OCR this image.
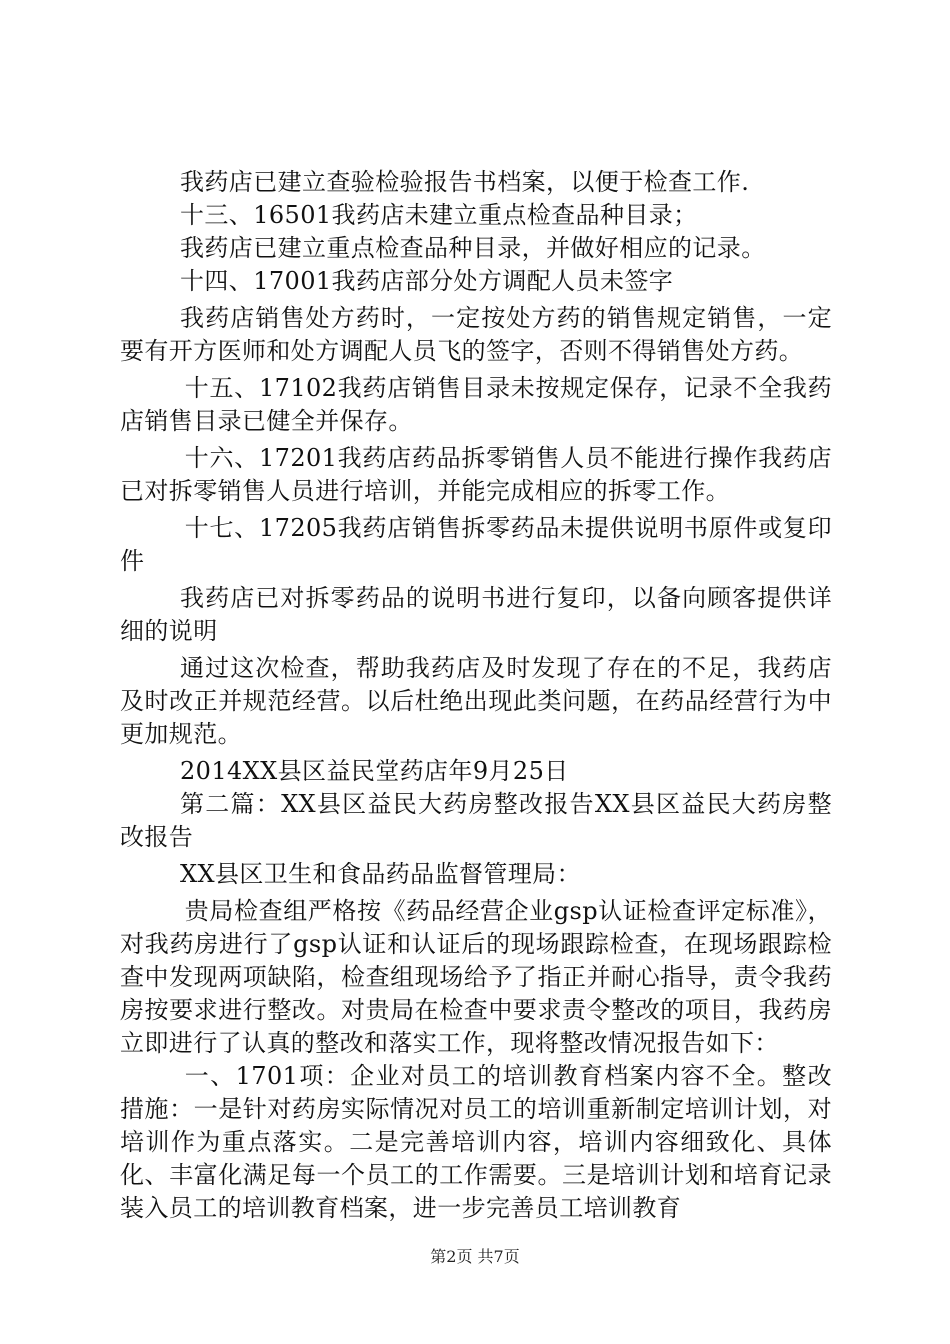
我药店已建立查验检验报告书档案，以便于检查工作.

十三、16501我药店未建立重点检查品种目录；

我药店已建立重点检查品种目录，并做好相应的记录。

十四、17001我药店部分处方调配人员未签字

我药店销售处方药时，一定按处方药的销售规定销售，一定要有开方医师和处方调配人员飞的签字，否则不得销售处方药。

十五、17102我药店销售目录未按规定保存，记录不全我药店销售目录已健全并保存。

十六、17201我药店药品拆零销售人员不能进行操作我药店已对拆零销售人员进行培训，并能完成相应的拆零工作。

十七、17205我药店销售拆零药品未提供说明书原件或复印件

我药店已对拆零药品的说明书进行复印，以备向顾客提供详细的说明

通过这次检查，帮助我药店及时发现了存在的不足，我药店及时改正并规范经营。以后杜绝出现此类问题，在药品经营行为中更加规范。

2014XX县区益民堂药店年9月25日

第二篇：XX县区益民大药房整改报告XX县区益民大药房整改报告

XX县区卫生和食品药品监督管理局：

贵局检查组严格按《药品经营企业gsp认证检查评定标准》，对我药房进行了gsp认证和认证后的现场跟踪检查，在现场跟踪检查中发现两项缺陷，检查组现场给予了指正并耐心指导，责令我药房按要求进行整改。对贵局在检查中要求责令整改的项目，我药房立即进行了认真的整改和落实工作，现将整改情况报告如下：

一、1701项：企业对员工的培训教育档案内容不全。整改措施：一是针对药房实际情况对员工的培训重新制定培训计划，对培训作为重点落实。二是完善培训内容，培训内容细致化、具体化、丰富化满足每一个员工的工作需要。三是培训计划和培育记录装入员工的培训教育档案，进一步完善员工培训教育

第2页 共7页
